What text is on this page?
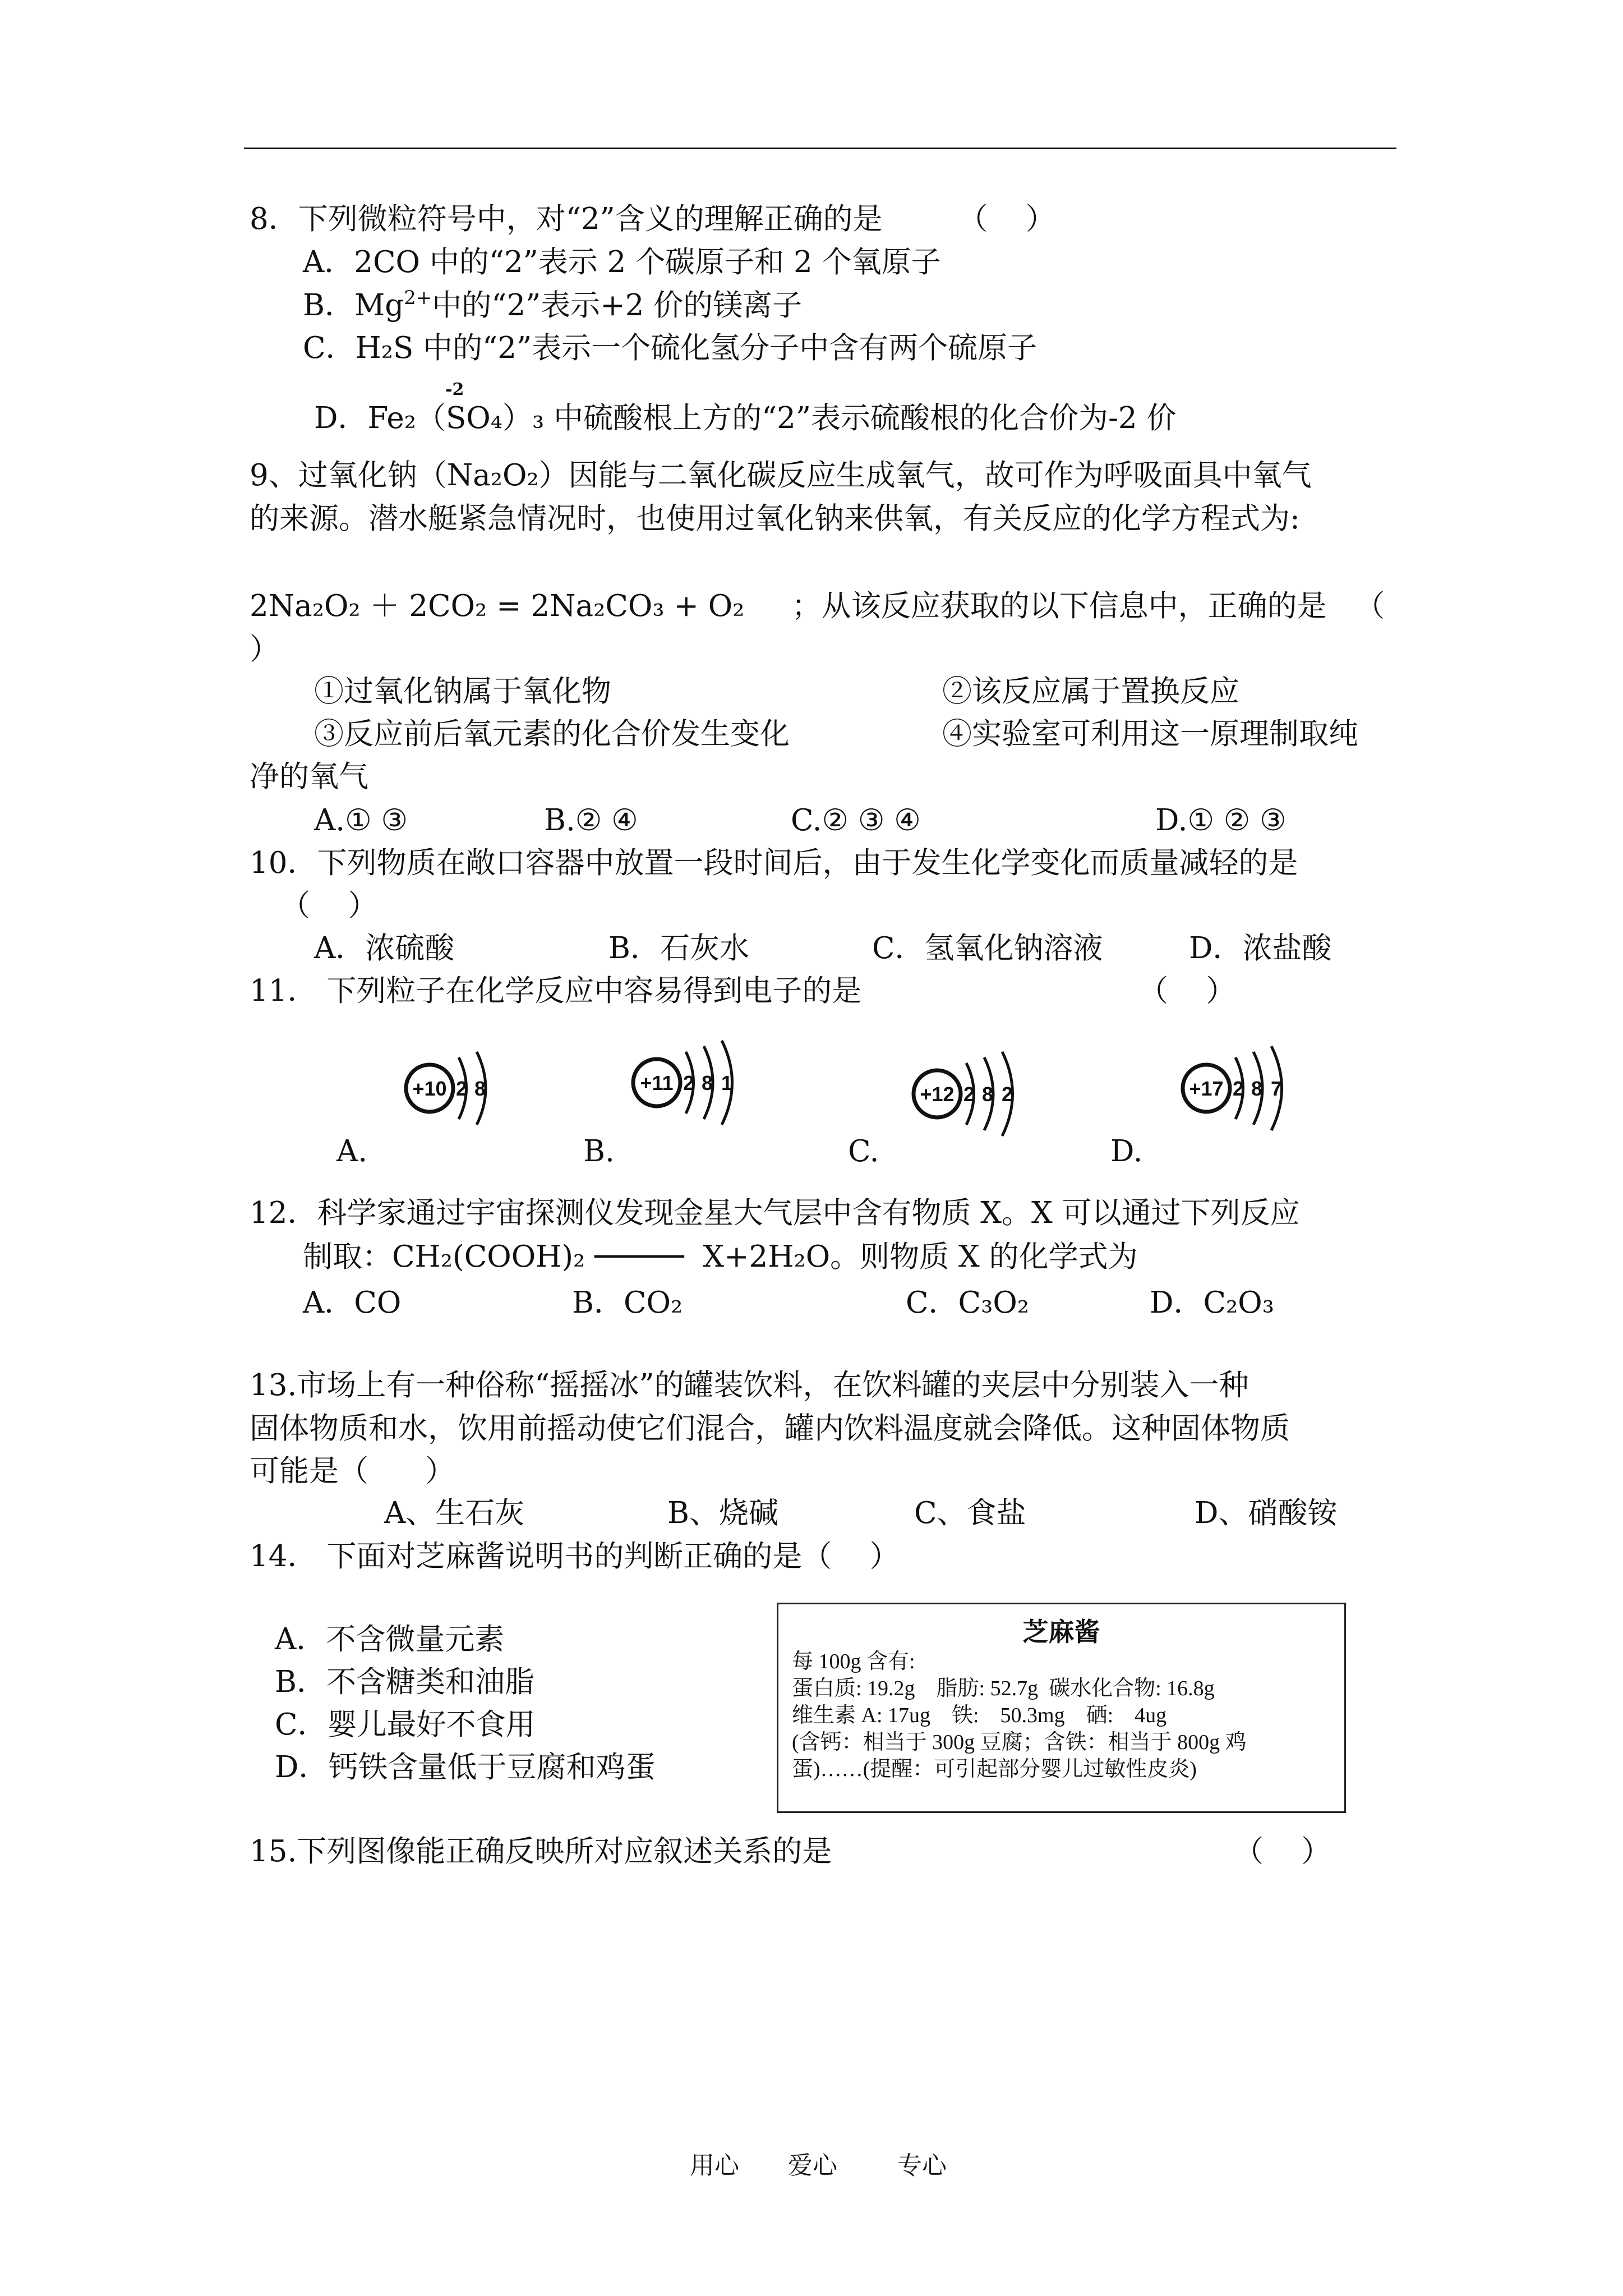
8．下列微粒符号中，对“2”含义的理解正确的是        （    ）
A．2CO 中的“2”表示 2 个碳原子和 2 个氧原子
B．$Mg^{2+}$中的“2”表示+2 价的镁离子
C．H₂S 中的“2”表示一个硫化氢分子中含有两个硫原子
-2
D．Fe₂（SO₄）₃ 中硫酸根上方的“2”表示硫酸根的化合价为-2 价
9、过氧化钠（Na₂O₂）因能与二氧化碳反应生成氧气，故可作为呼吸面具中氧气
的来源。潜水艇紧急情况时，也使用过氧化钠来供氧，有关反应的化学方程式为:
2Na₂O₂ ＋ 2CO₂ = 2Na₂CO₃ + O₂     ；从该反应获取的以下信息中，正确的是   （
）
①过氧化钠属于氧化物	②该反应属于置换反应
③反应前后氧元素的化合价发生变化	④实验室可利用这一原理制取纯
净的氧气
A.① ③	B.② ④	C.② ③ ④	D.① ② ③
10．下列物质在敞口容器中放置一段时间后，由于发生化学变化而质量减轻的是
（    ）
A．浓硫酸	B．石灰水	C．氢氧化钠溶液	D．浓盐酸
11． 下列粒子在化学反应中容易得到电子的是	（    ）
+10 2 8	+11 2 8 1	+12 2 8 2	+17 2 8 7
A.	B.	C.	D.
12．科学家通过宇宙探测仪发现金星大气层中含有物质 X。X 可以通过下列反应
制取：CH₂(COOH)₂ ─────  X+2H₂O。则物质 X 的化学式为
A．CO	B．CO₂	C．C₃O₂	D．C₂O₃
13.市场上有一种俗称“摇摇冰”的罐装饮料，在饮料罐的夹层中分别装入一种
固体物质和水，饮用前摇动使它们混合，罐内饮料温度就会降低。这种固体物质
可能是（      ）
A、生石灰	B、烧碱	C、食盐	D、硝酸铵
14． 下面对芝麻酱说明书的判断正确的是（    ）
A．不含微量元素
B．不含糖类和油脂
C．婴儿最好不食用
D．钙铁含量低于豆腐和鸡蛋
芝麻酱
每 100g 含有:
蛋白质: 19.2g    脂肪: 52.7g  碳水化合物: 16.8g
维生素 A: 17ug    铁:    50.3mg    硒:    4ug
(含钙：相当于 300g 豆腐；含铁：相当于 800g 鸡
蛋)……(提醒：可引起部分婴儿过敏性皮炎)
15.下列图像能正确反映所对应叙述关系的是	（    ）
用心 爱心 专心
